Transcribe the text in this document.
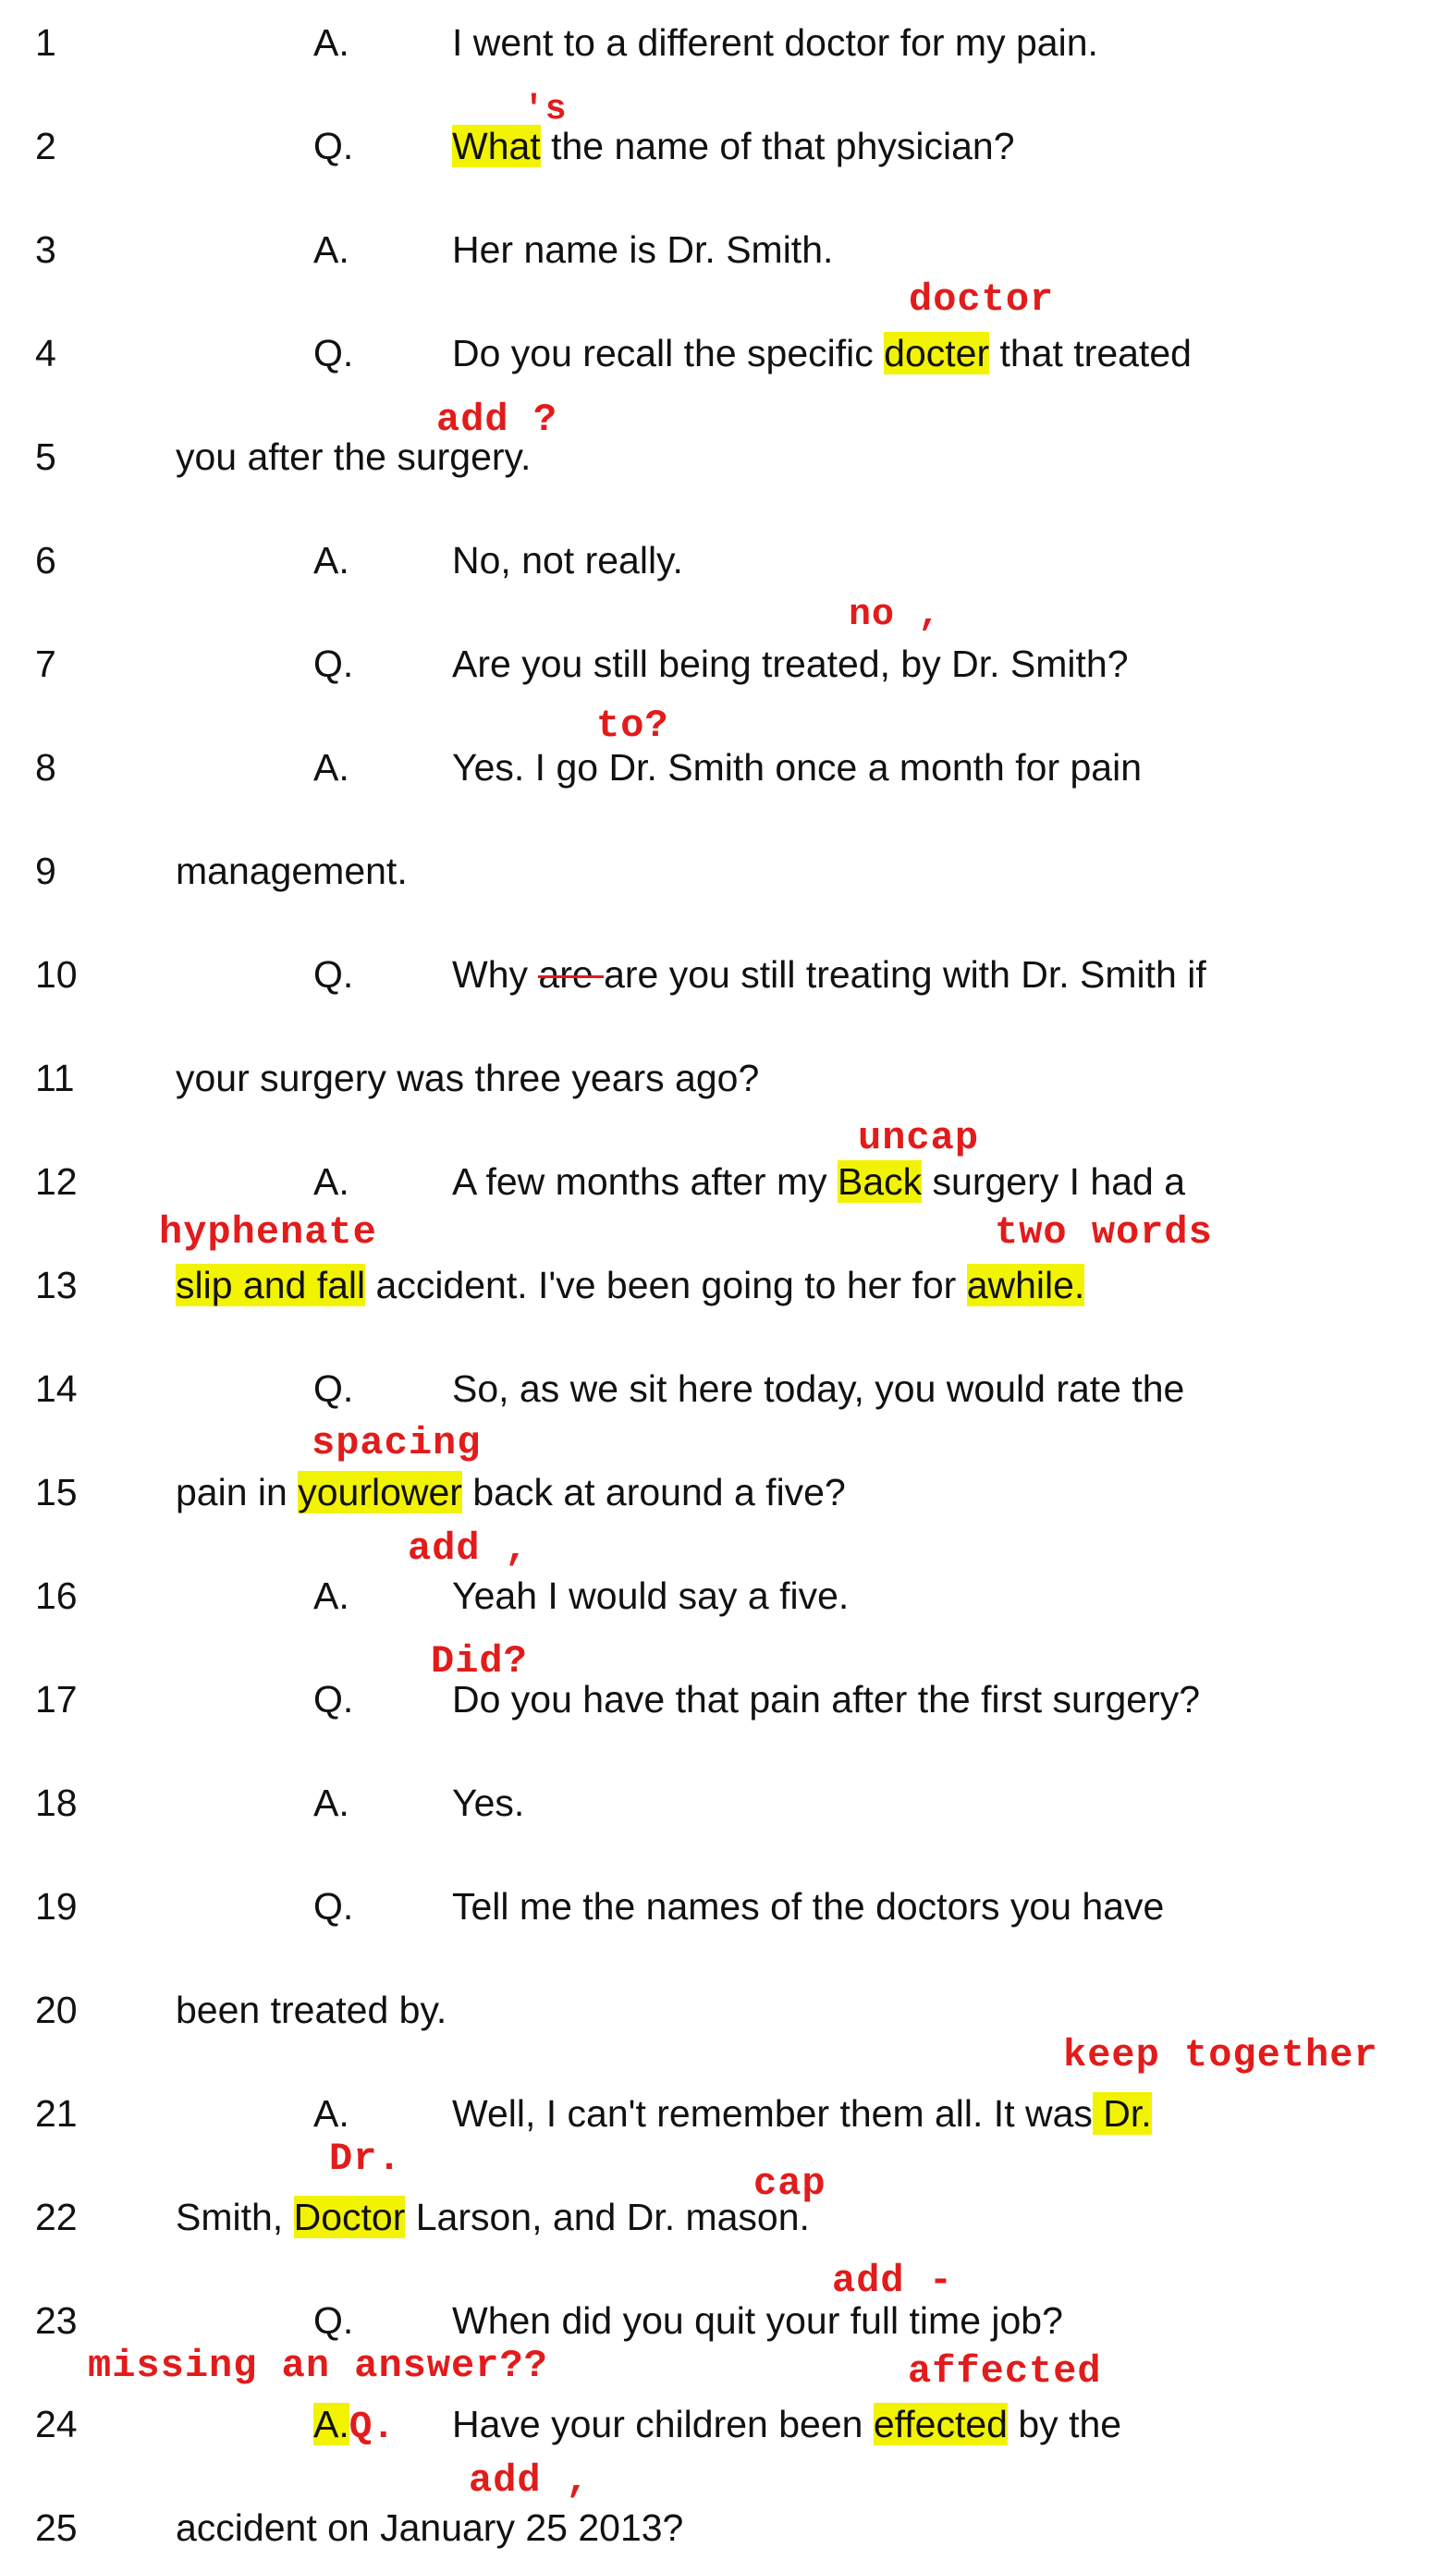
1	A.	I went to a different doctor for my pain.
2	Q.	What the name of that physician?
's
3	A.	Her name is Dr. Smith.
4	Q.	Do you recall the specific docter that treated
doctor
5	you after the surgery.
add ?
6	A.	No, not really.
7	Q.	Are you still being treated, by Dr. Smith?
no ,
8	A.	Yes. I go Dr. Smith once a month for pain
to?
9	management.
10	Q.	Why are are you still treating with Dr. Smith if
11	your surgery was three years ago?
12	A.	A few months after my Back surgery I had a
uncap
13	slip and fall accident. I've been going to her for awhile.
hyphenate	two words
14	Q.	So, as we sit here today, you would rate the
15	pain in yourlower back at around a five?
spacing
16	A.	Yeah I would say a five.
add ,
17	Q.	Do you have that pain after the first surgery?
Did?
18	A.	Yes.
19	Q.	Tell me the names of the doctors you have
20	been treated by.
21	A.	Well, I can't remember them all. It was Dr.
keep together
22	Smith, Doctor Larson, and Dr. mason.
Dr.
cap
23	Q.	When did you quit your full time job?
add -
24	A.Q. Have your children been effected by the
missing an answer??	affected
25	accident on January 25 2013?
add ,
